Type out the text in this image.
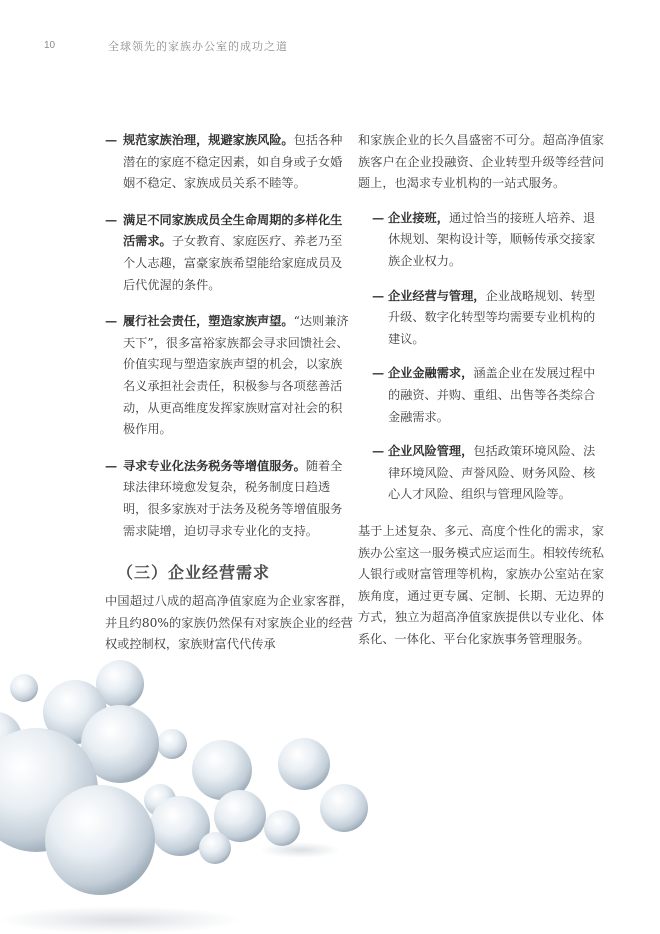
10	全球领先的家族办公室的成功之道

— 规范家族治理，规避家族风险。包括各种潜在的家庭不稳定因素，如自身或子女婚姻不稳定、家族成员关系不睦等。

— 满足不同家族成员全生命周期的多样化生活需求。子女教育、家庭医疗、养老乃至个人志趣，富豪家族希望能给家庭成员及后代优渥的条件。

— 履行社会责任，塑造家族声望。“达则兼济天下”，很多富裕家族都会寻求回馈社会、价值实现与塑造家族声望的机会，以家族名义承担社会责任，积极参与各项慈善活动，从更高维度发挥家族财富对社会的积极作用。

— 寻求专业化法务税务等增值服务。随着全球法律环境愈发复杂，税务制度日趋透明，很多家族对于法务及税务等增值服务需求陡增，迫切寻求专业化的支持。

（三）企业经营需求

中国超过八成的超高净值家庭为企业家客群，并且约80%的家族仍然保有对家族企业的经营权或控制权，家族财富代代传承

和家族企业的长久昌盛密不可分。超高净值家族客户在企业投融资、企业转型升级等经营问题上，也渴求专业机构的一站式服务。

— 企业接班，通过恰当的接班人培养、退休规划、架构设计等，顺畅传承交接家族企业权力。

— 企业经营与管理，企业战略规划、转型升级、数字化转型等均需要专业机构的建议。

— 企业金融需求，涵盖企业在发展过程中的融资、并购、重组、出售等各类综合金融需求。

— 企业风险管理，包括政策环境风险、法律环境风险、声誉风险、财务风险、核心人才风险、组织与管理风险等。

基于上述复杂、多元、高度个性化的需求，家族办公室这一服务模式应运而生。相较传统私人银行或财富管理等机构，家族办公室站在家族角度，通过更专属、定制、长期、无边界的方式，独立为超高净值家族提供以专业化、体系化、一体化、平台化家族事务管理服务。
